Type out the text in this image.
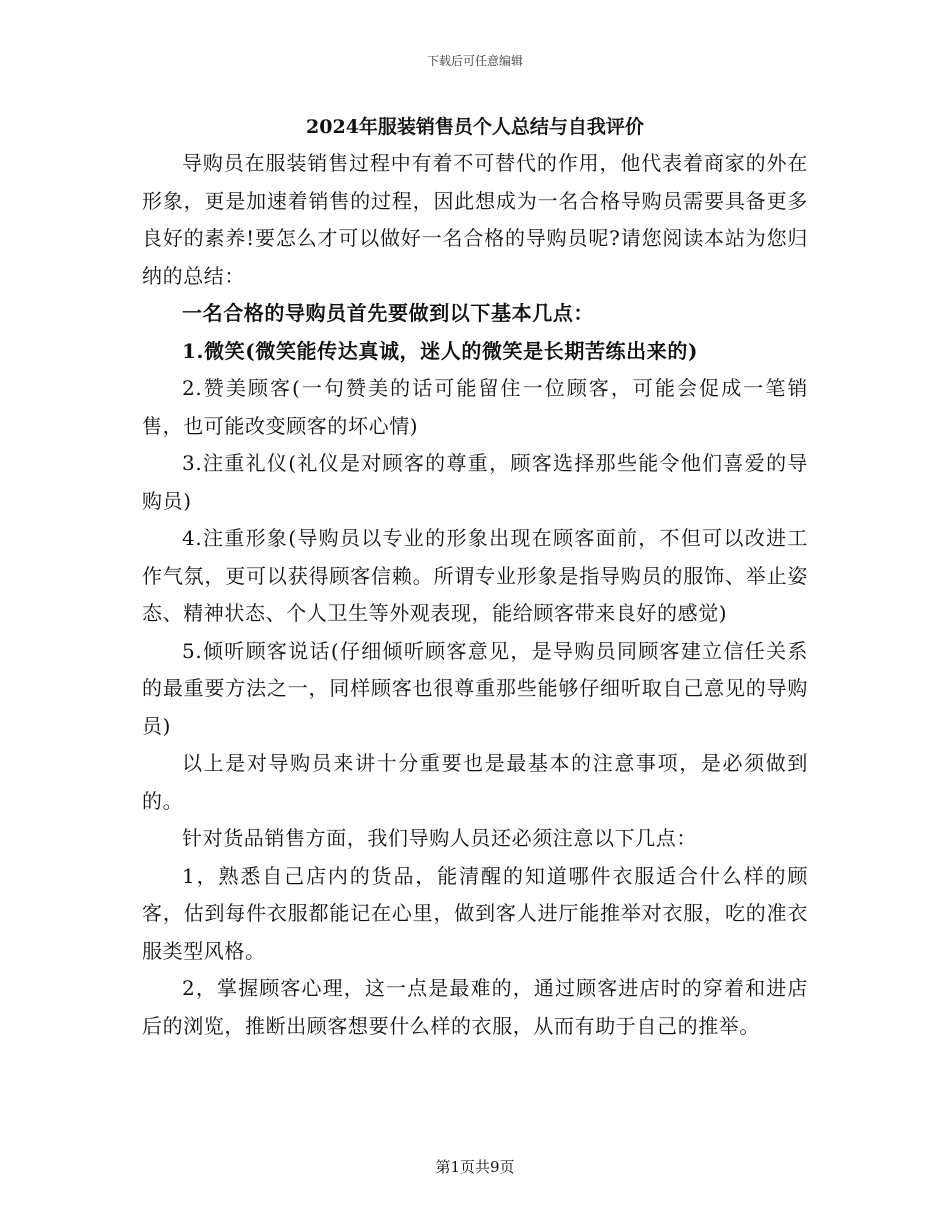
下载后可任意编辑
2024年服装销售员个人总结与自我评价

导购员在服装销售过程中有着不可替代的作用，他代表着商家的外在形象，更是加速着销售的过程，因此想成为一名合格导购员需要具备更多良好的素养!要怎么才可以做好一名合格的导购员呢?请您阅读本站为您归纳的总结：

一名合格的导购员首先要做到以下基本几点：

1.微笑(微笑能传达真诚，迷人的微笑是长期苦练出来的)

2.赞美顾客(一句赞美的话可能留住一位顾客，可能会促成一笔销售，也可能改变顾客的坏心情)

3.注重礼仪(礼仪是对顾客的尊重，顾客选择那些能令他们喜爱的导购员)

4.注重形象(导购员以专业的形象出现在顾客面前，不但可以改进工作气氛，更可以获得顾客信赖。所谓专业形象是指导购员的服饰、举止姿态、精神状态、个人卫生等外观表现，能给顾客带来良好的感觉)

5.倾听顾客说话(仔细倾听顾客意见，是导购员同顾客建立信任关系的最重要方法之一，同样顾客也很尊重那些能够仔细听取自己意见的导购员)

以上是对导购员来讲十分重要也是最基本的注意事项，是必须做到的。

针对货品销售方面，我们导购人员还必须注意以下几点：

1，熟悉自己店内的货品，能清醒的知道哪件衣服适合什么样的顾客，估到每件衣服都能记在心里，做到客人进厅能推举对衣服，吃的准衣服类型风格。

2，掌握顾客心理，这一点是最难的，通过顾客进店时的穿着和进店后的浏览，推断出顾客想要什么样的衣服，从而有助于自己的推举。

第1页共9页
